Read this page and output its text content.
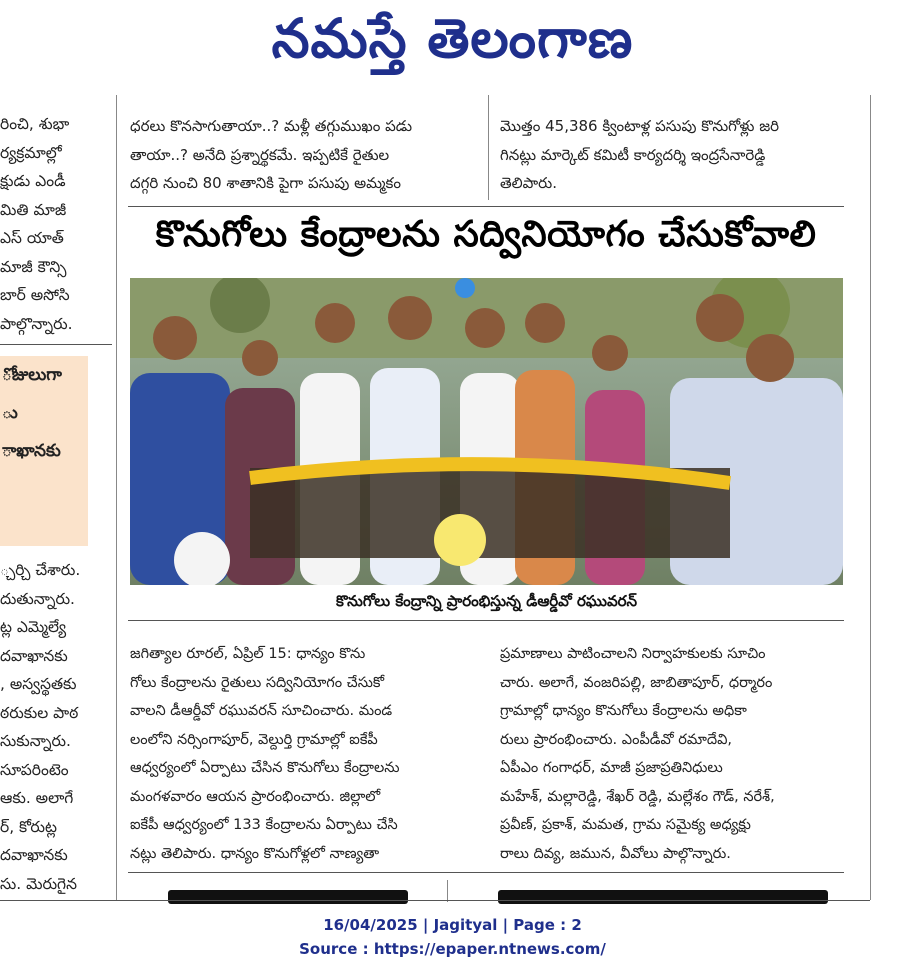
నమస్తే తెలంగాణ
రించి, శుభా
ర్యక్రమాల్లో
క్షుడు ఎండీ
మితి మాజీ
ఎస్ యాత్
మాజీ కౌన్సి
బార్ అసోసి
పాల్గొన్నారు.
ోజులుగా
ు
ాఖానకు
్చర్చి చేశారు.
దుతున్నారు.
ట్ల ఎమ్మెల్యే
దవాఖానకు
, అస్వస్థతకు
ఠరుకుల పాఠ
సుకున్నారు.
సూపరింటెం
ఆకు. అలాగే
ర్, కోరుట్ల
దవాఖానకు
సు. మెరుగైన
ధరలు కొనసాగుతాయా..? మళ్లీ తగ్గుముఖం పడు
తాయా..? అనేది ప్రశ్నార్థకమే. ఇప్పటికే రైతుల
దగ్గరి నుంచి 80 శాతానికి పైగా పసుపు అమ్మకం
మొత్తం 45,386 క్వింటాళ్ల పసుపు కొనుగోళ్లు జరి
గినట్లు మార్కెట్ కమిటీ కార్యదర్శి ఇంద్రసేనారెడ్డి
తెలిపారు.
కొనుగోలు కేంద్రాలను సద్వినియోగం చేసుకోవాలి
కొనుగోలు కేంద్రాన్ని ప్రారంభిస్తున్న డీఆర్డీవో రఘువరన్
జగిత్యాల రూరల్, ఏప్రిల్ 15: ధాన్యం కొను
గోలు కేంద్రాలను రైతులు సద్వినియోగం చేసుకో
వాలని డీఆర్డీవో రఘువరన్ సూచించారు. మండ
లంలోని నర్సింగాపూర్, వెల్దుర్తి గ్రామాల్లో ఐకేపీ
ఆధ్వర్యంలో ఏర్పాటు చేసిన కొనుగోలు కేంద్రాలను
మంగళవారం ఆయన ప్రారంభించారు. జిల్లాలో
ఐకేపీ ఆధ్వర్యంలో 133 కేంద్రాలను ఏర్పాటు చేసి
నట్లు తెలిపారు. ధాన్యం కొనుగోళ్లలో నాణ్యతా
ప్రమాణాలు పాటించాలని నిర్వాహకులకు సూచిం
చారు. అలాగే, వంజరిపల్లి, జాబితాపూర్, ధర్మారం
గ్రామాల్లో ధాన్యం కొనుగోలు కేంద్రాలను అధికా
రులు ప్రారంభించారు. ఎంపీడీవో రమాదేవి,
ఏపీఎం గంగాధర్, మాజీ ప్రజాప్రతినిధులు
మహేశ్, మల్లారెడ్డి, శేఖర్ రెడ్డి, మల్లేశం గౌడ్, నరేశ్,
ప్రవీణ్, ప్రకాశ్, మమత, గ్రామ సమైక్య అధ్యక్షు
రాలు దివ్య, జమున, వీవోలు పాల్గొన్నారు.
16/04/2025 | Jagityal | Page : 2
Source : https://epaper.ntnews.com/
